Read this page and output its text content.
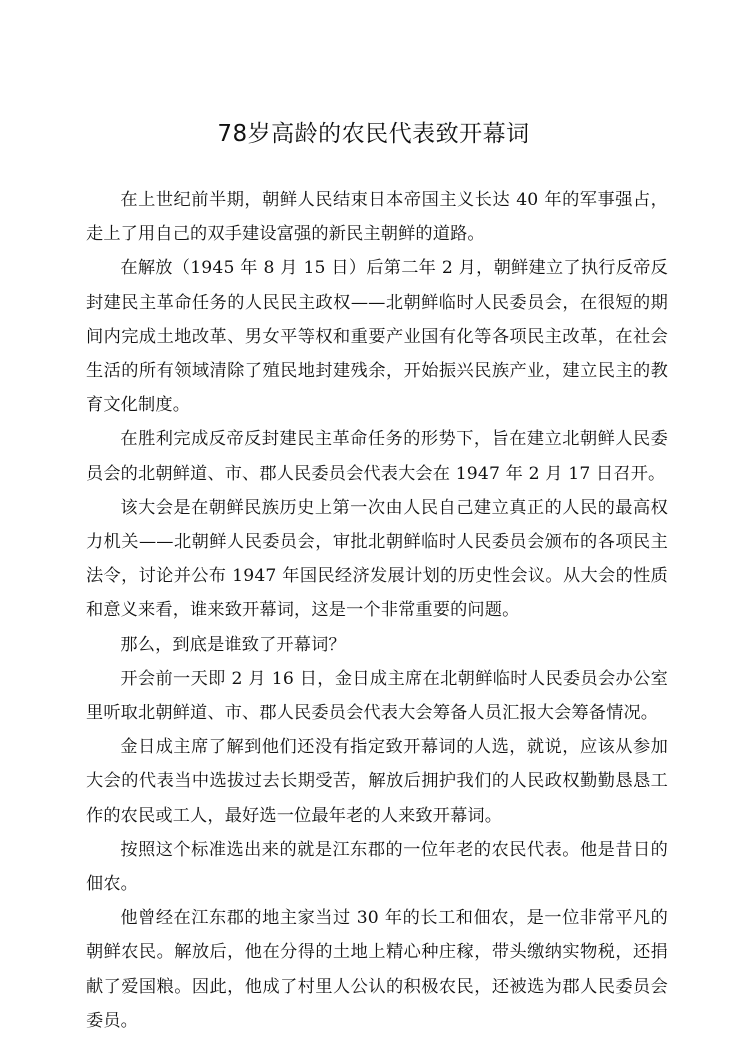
78岁高龄的农民代表致开幕词

在上世纪前半期，朝鲜人民结束日本帝国主义长达 40 年的军事强占，走上了用自己的双手建设富强的新民主朝鲜的道路。

在解放（1945 年 8 月 15 日）后第二年 2 月，朝鲜建立了执行反帝反封建民主革命任务的人民民主政权——北朝鲜临时人民委员会，在很短的期间内完成土地改革、男女平等权和重要产业国有化等各项民主改革，在社会生活的所有领域清除了殖民地封建残余，开始振兴民族产业，建立民主的教育文化制度。

在胜利完成反帝反封建民主革命任务的形势下，旨在建立北朝鲜人民委员会的北朝鲜道、市、郡人民委员会代表大会在 1947 年 2 月 17 日召开。

该大会是在朝鲜民族历史上第一次由人民自己建立真正的人民的最高权力机关——北朝鲜人民委员会，审批北朝鲜临时人民委员会颁布的各项民主法令，讨论并公布 1947 年国民经济发展计划的历史性会议。从大会的性质和意义来看，谁来致开幕词，这是一个非常重要的问题。

那么，到底是谁致了开幕词？

开会前一天即 2 月 16 日，金日成主席在北朝鲜临时人民委员会办公室里听取北朝鲜道、市、郡人民委员会代表大会筹备人员汇报大会筹备情况。

金日成主席了解到他们还没有指定致开幕词的人选，就说，应该从参加大会的代表当中选拔过去长期受苦，解放后拥护我们的人民政权勤勤恳恳工作的农民或工人，最好选一位最年老的人来致开幕词。

按照这个标准选出来的就是江东郡的一位年老的农民代表。他是昔日的佃农。

他曾经在江东郡的地主家当过 30 年的长工和佃农，是一位非常平凡的朝鲜农民。解放后，他在分得的土地上精心种庄稼，带头缴纳实物税，还捐献了爱国粮。因此，他成了村里人公认的积极农民，还被选为郡人民委员会委员。
